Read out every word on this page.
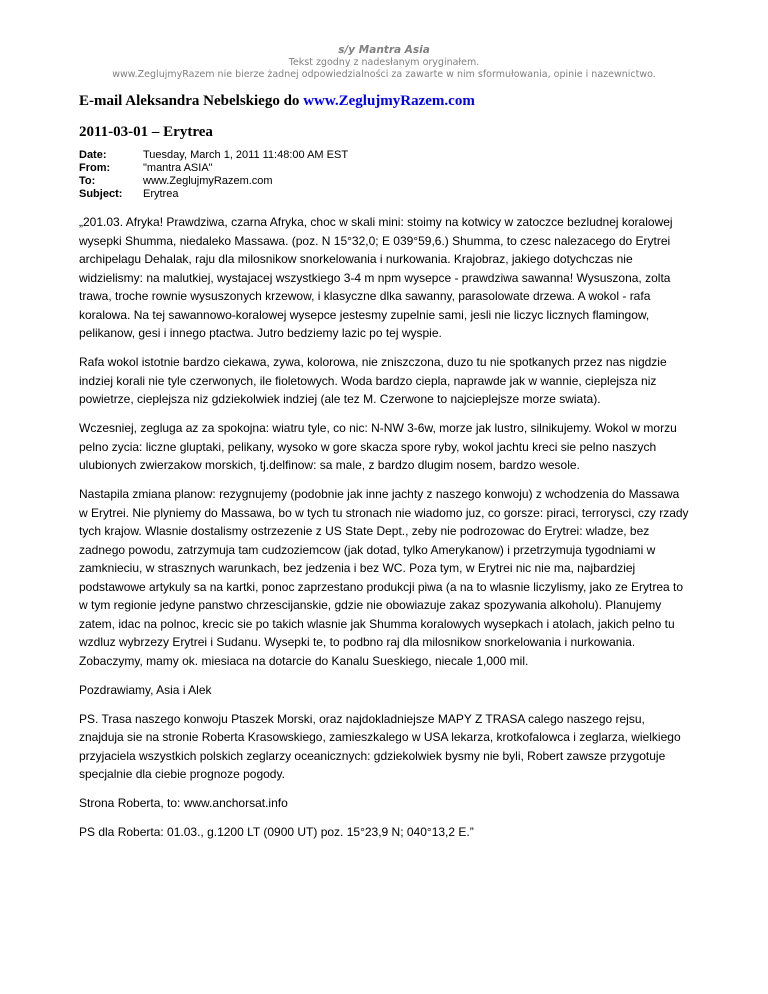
s/y Mantra Asia
Tekst zgodny z nadesłanym oryginałem.
www.ZeglujmyRazem nie bierze żadnej odpowiedzialności za zawarte w nim sformułowania, opinie i nazewnictwo.
E-mail Aleksandra Nebelskiego do www.ZeglujmyRazem.com
2011-03-01 – Erytrea
Date:	Tuesday, March 1, 2011 11:48:00 AM EST
From:	"mantra ASIA"
To:	www.ZeglujmyRazem.com
Subject:	Erytrea

„201.03. Afryka! Prawdziwa, czarna Afryka, choc w skali mini: stoimy na kotwicy w zatoczce bezludnej koralowej wysepki Shumma, niedaleko Massawa. (poz. N 15°32,0; E 039°59,6.) Shumma, to czesc nalezacego do Erytrei archipelagu Dehalak, raju dla milosnikow snorkelowania i nurkowania. Krajobraz, jakiego dotychczas nie widzielismy: na malutkiej, wystajacej wszystkiego 3-4 m npm wysepce - prawdziwa sawanna! Wysuszona, zolta trawa, troche rownie wysuszonych krzewow, i klasyczne dlka sawanny, parasolowate drzewa. A wokol - rafa koralowa. Na tej sawannowo-koralowej wysepce jestesmy zupelnie sami, jesli nie liczyc licznych flamingow, pelikanow, gesi i innego ptactwa. Jutro bedziemy lazic po tej wyspie.

Rafa wokol istotnie bardzo ciekawa, zywa, kolorowa, nie zniszczona, duzo tu nie spotkanych przez nas nigdzie indziej korali nie tyle czerwonych, ile fioletowych. Woda bardzo ciepla, naprawde jak w wannie, cieplejsza niz powietrze, cieplejsza niz gdziekolwiek indziej (ale tez M. Czerwone to najcieplejsze morze swiata).

Wczesniej, zegluga az za spokojna: wiatru tyle, co nic: N-NW 3-6w, morze jak lustro, silnikujemy. Wokol w morzu pelno zycia: liczne gluptaki, pelikany, wysoko w gore skacza spore ryby, wokol jachtu kreci sie pelno naszych ulubionych zwierzakow morskich, tj.delfinow: sa male, z bardzo dlugim nosem, bardzo wesole.

Nastapila zmiana planow: rezygnujemy (podobnie jak inne jachty z naszego konwoju) z wchodzenia do Massawa w Erytrei. Nie plyniemy do Massawa, bo w tych tu stronach nie wiadomo juz, co gorsze: piraci, terrorysci, czy rzady tych krajow. Wlasnie dostalismy ostrzezenie z US State Dept., zeby nie podrozowac do Erytrei: wladze, bez zadnego powodu, zatrzymuja tam cudzoziemcow (jak dotad, tylko Amerykanow) i przetrzymuja tygodniami w zamknieciu, w strasznych warunkach, bez jedzenia i bez WC. Poza tym, w Erytrei nic nie ma, najbardziej podstawowe artykuly sa na kartki, ponoc zaprzestano produkcji piwa (a na to wlasnie liczylismy, jako ze Erytrea to w tym regionie jedyne panstwo chrzescijanskie, gdzie nie obowiazuje zakaz spozywania alkoholu). Planujemy zatem, idac na polnoc, krecic sie po takich wlasnie jak Shumma koralowych wysepkach i atolach, jakich pelno tu wzdluz wybrzezy Erytrei i Sudanu. Wysepki te, to podbno raj dla milosnikow snorkelowania i nurkowania. Zobaczymy, mamy ok. miesiaca na dotarcie do Kanalu Sueskiego, niecale 1,000 mil.

Pozdrawiamy, Asia i Alek

PS. Trasa naszego konwoju Ptaszek Morski, oraz najdokladniejsze MAPY Z TRASA calego naszego rejsu, znajduja sie na stronie Roberta Krasowskiego, zamieszkalego w USA lekarza, krotkofalowca i zeglarza, wielkiego przyjaciela wszystkich polskich zeglarzy oceanicznych: gdziekolwiek bysmy nie byli, Robert zawsze przygotuje specjalnie dla ciebie prognoze pogody.

Strona Roberta, to: www.anchorsat.info

PS dla Roberta: 01.03., g.1200 LT (0900 UT) poz. 15°23,9 N; 040°13,2 E.”
